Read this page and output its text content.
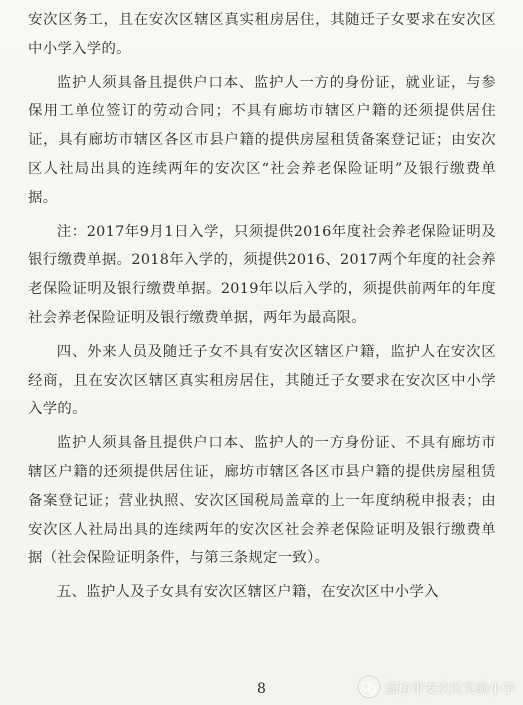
安次区务工，且在安次区辖区真实租房居住，其随迁子女要求在安次区中小学入学的。

监护人须具备且提供户口本、监护人一方的身份证，就业证，与参保用工单位签订的劳动合同；不具有廊坊市辖区户籍的还须提供居住证，具有廊坊市辖区各区市县户籍的提供房屋租赁备案登记证；由安次区人社局出具的连续两年的安次区“社会养老保险证明”及银行缴费单据。

注：2017年9月1日入学，只须提供2016年度社会养老保险证明及银行缴费单据。2018年入学的，须提供2016、2017两个年度的社会养老保险证明及银行缴费单据。2019年以后入学的，须提供前两年的年度社会养老保险证明及银行缴费单据，两年为最高限。

四、外来人员及随迁子女不具有安次区辖区户籍，监护人在安次区经商，且在安次区辖区真实租房居住，其随迁子女要求在安次区中小学入学的。

监护人须具备且提供户口本、监护人的一方身份证、不具有廊坊市辖区户籍的还须提供居住证，廊坊市辖区各区市县户籍的提供房屋租赁备案登记证；营业执照、安次区国税局盖章的上一年度纳税申报表；由安次区人社局出具的连续两年的安次区社会养老保险证明及银行缴费单据（社会保险证明条件，与第三条规定一致）。

五、监护人及子女具有安次区辖区户籍，在安次区中小学入

8	廊坊市安次区实验小学
